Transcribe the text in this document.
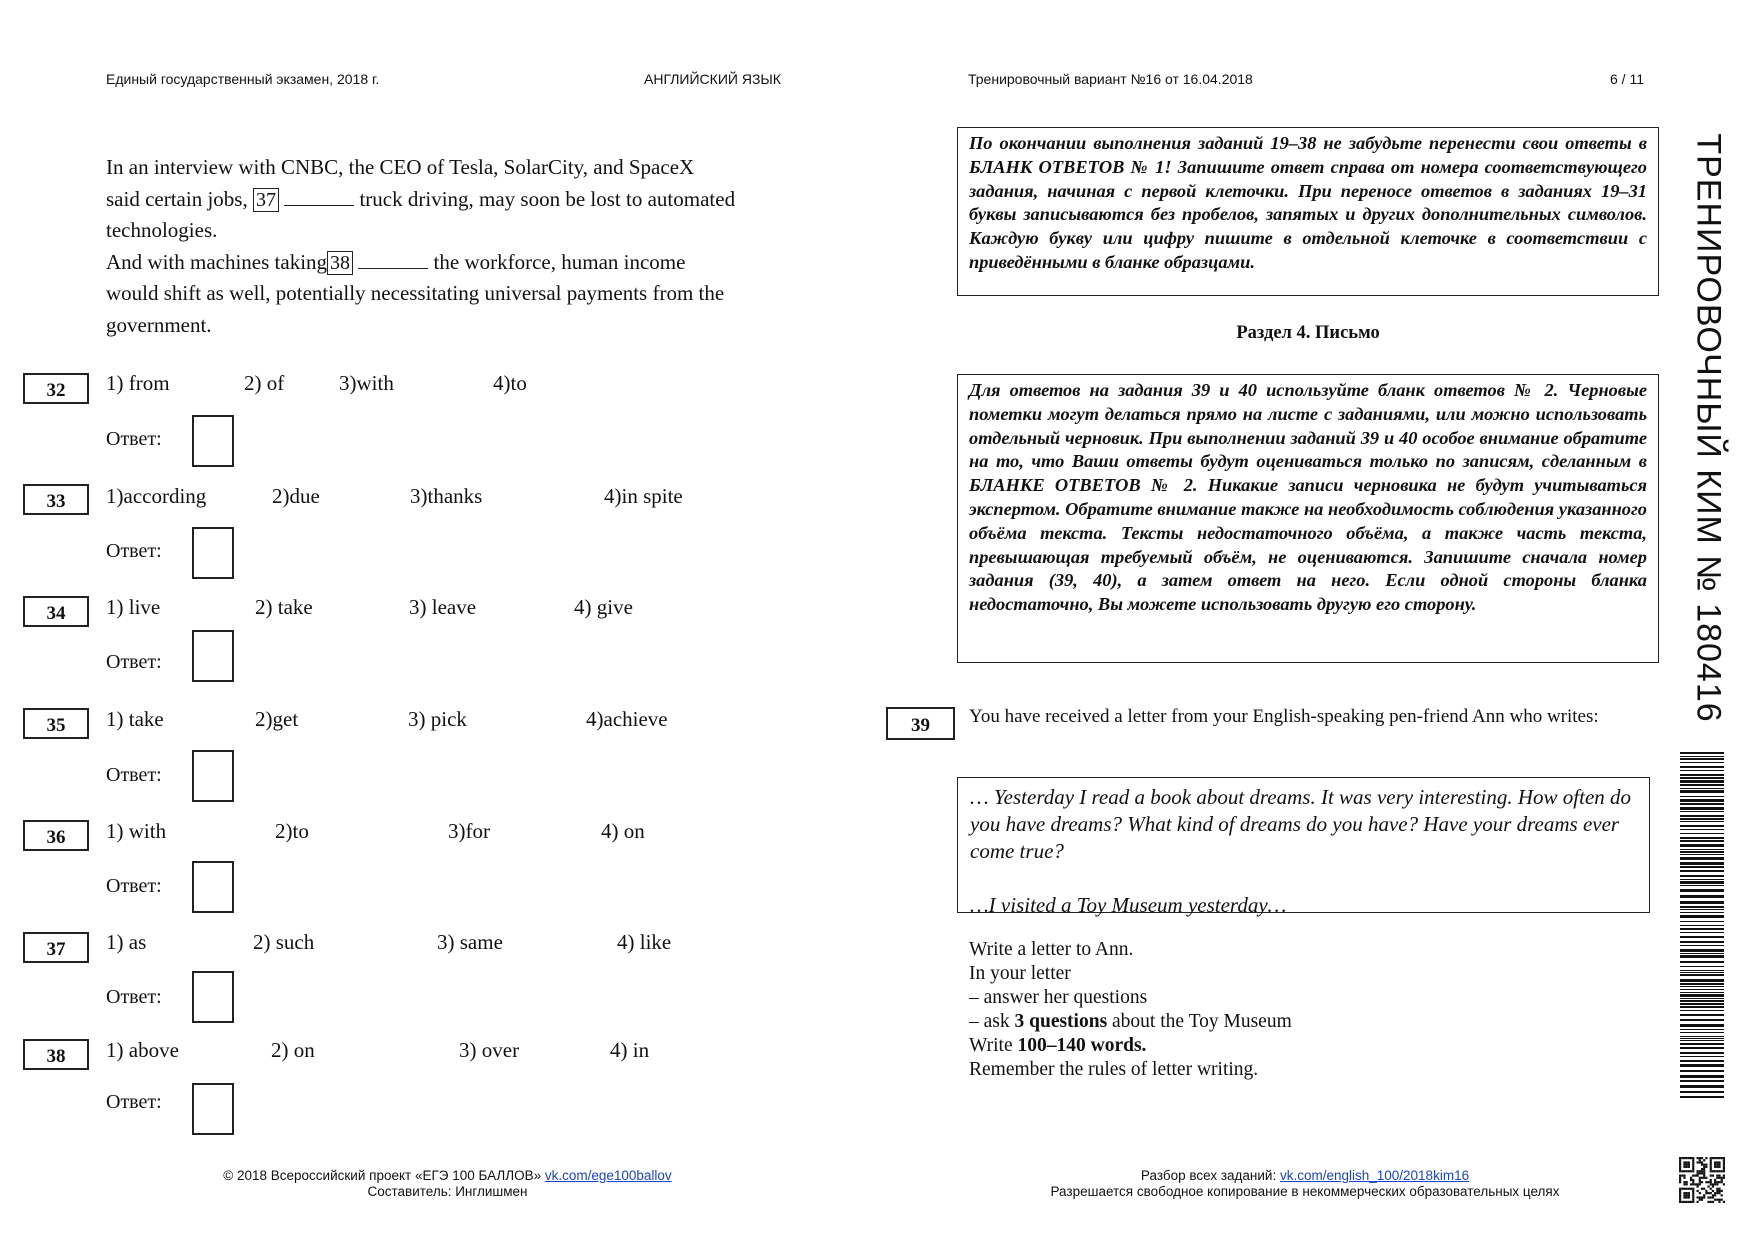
Единый государственный экзамен, 2018 г.	АНГЛИЙСКИЙ ЯЗЫК	Тренировочный вариант №16 от 16.04.2018	6 / 11
In an interview with CNBC, the CEO of Tesla, SolarCity, and SpaceX
said certain jobs, 37	truck driving, may soon be lost to automated
technologies.
And with machines taking 38	the workforce, human income
would shift as well, potentially necessitating universal payments from the
government.
32	1) from	2) of	3)with	4)to
Ответ:
33	1)according	2)due	3)thanks	4)in spite
Ответ:
34	1) live	2) take	3) leave	4) give
Ответ:
35	1) take	2)get	3) pick	4)achieve
Ответ:
36	1) with	2)to	3)for	4) on
Ответ:
37	1) as	2) such	3) same	4) like
Ответ:
38	1) above	2) on	3) over	4) in
Ответ:
По окончании выполнения заданий 19–38 не забудьте перенести свои ответы в БЛАНК ОТВЕТОВ № 1! Запишите ответ справа от номера соответствующего задания, начиная с первой клеточки. При переносе ответов в заданиях 19–31 буквы записываются без пробелов, запятых и других дополнительных символов. Каждую букву или цифру пишите в отдельной клеточке в соответствии с приведёнными в бланке образцами.
Раздел 4. Письмо
Для ответов на задания 39 и 40 используйте бланк ответов № 2. Черновые пометки могут делаться прямо на листе с заданиями, или можно использовать отдельный черновик. При выполнении заданий 39 и 40 особое внимание обратите на то, что Ваши ответы будут оцениваться только по записям, сделанным в БЛАНКЕ ОТВЕТОВ № 2. Никакие записи черновика не будут учитываться экспертом. Обратите внимание также на необходимость соблюдения указанного объёма текста. Тексты недостаточного объёма, а также часть текста, превышающая требуемый объём, не оцениваются. Запишите сначала номер задания (39, 40), а затем ответ на него. Если одной стороны бланка недостаточно, Вы можете использовать другую его сторону.
39	You have received a letter from your English-speaking pen-friend Ann who writes:
… Yesterday I read a book about dreams. It was very interesting. How often do you have dreams? What kind of dreams do you have? Have your dreams ever come true?
…I visited a Toy Museum yesterday…
Write a letter to Ann.
In your letter
– answer her questions
– ask 3 questions about the Toy Museum
Write 100–140 words.
Remember the rules of letter writing.
ТРЕНИРОВОЧНЫЙ КИМ № 180416
© 2018 Всероссийский проект «ЕГЭ 100 БАЛЛОВ» vk.com/ege100ballov
Составитель: Инглишмен
Разбор всех заданий: vk.com/english_100/2018kim16
Разрешается свободное копирование в некоммерческих образовательных целях
